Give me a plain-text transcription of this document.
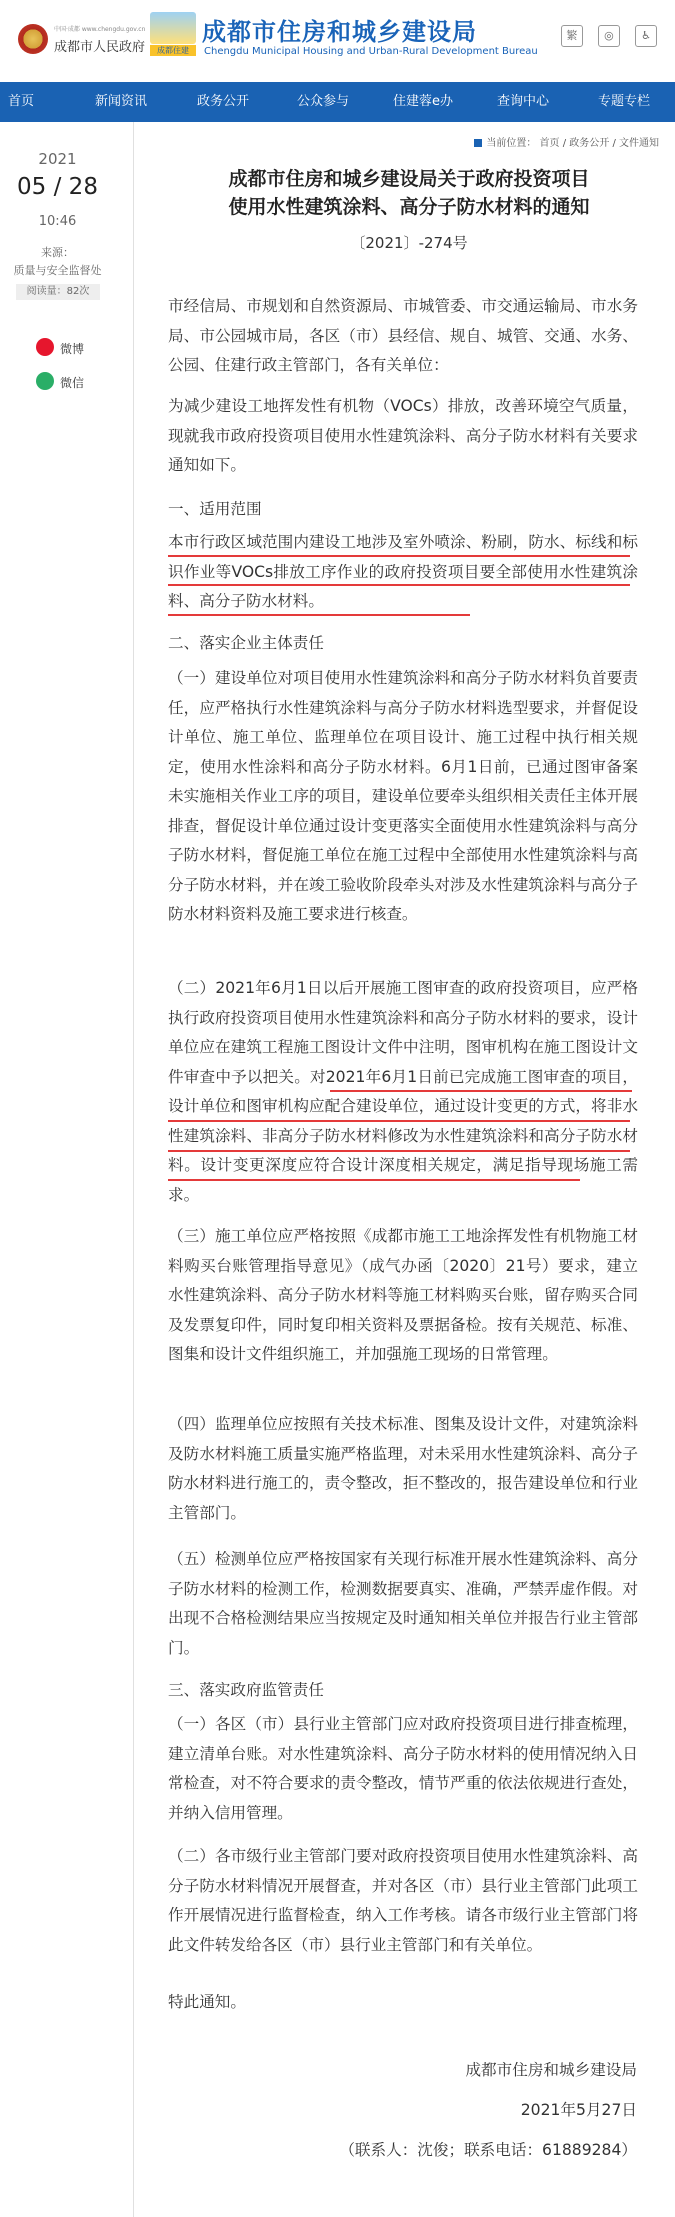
中国·成都 www.chengdu.gov.cn
成都市人民政府	成都住建
成都市住房和城乡建设局
Chengdu Municipal Housing and Urban-Rural Development Bureau
繁 ◎ ♿
首页	新闻资讯	政务公开	公众参与	住建蓉e办	查询中心	专题专栏
2021
05 / 28
10:46
来源：
质量与安全监督处
阅读量：82次
微博
微信
当前位置： 首页 / 政务公开 / 文件通知
成都市住房和城乡建设局关于政府投资项目
使用水性建筑涂料、高分子防水材料的通知
〔2021〕-274号

市经信局、市规划和自然资源局、市城管委、市交通运输局、市水务局、市公园城市局，各区（市）县经信、规自、城管、交通、水务、公园、住建行政主管部门，各有关单位：

为减少建设工地挥发性有机物（VOCs）排放，改善环境空气质量，现就我市政府投资项目使用水性建筑涂料、高分子防水材料有关要求通知如下。

一、适用范围

本市行政区域范围内建设工地涉及室外喷涂、粉刷，防水、标线和标识作业等VOCs排放工序作业的政府投资项目要全部使用水性建筑涂料、高分子防水材料。

二、落实企业主体责任

（一）建设单位对项目使用水性建筑涂料和高分子防水材料负首要责任，应严格执行水性建筑涂料与高分子防水材料选型要求，并督促设计单位、施工单位、监理单位在项目设计、施工过程中执行相关规定，使用水性涂料和高分子防水材料。6月1日前，已通过图审备案未实施相关作业工序的项目，建设单位要牵头组织相关责任主体开展排查，督促设计单位通过设计变更落实全面使用水性建筑涂料与高分子防水材料，督促施工单位在施工过程中全部使用水性建筑涂料与高分子防水材料，并在竣工验收阶段牵头对涉及水性建筑涂料与高分子防水材料资料及施工要求进行核查。

（二）2021年6月1日以后开展施工图审查的政府投资项目，应严格执行政府投资项目使用水性建筑涂料和高分子防水材料的要求，设计单位应在建筑工程施工图设计文件中注明，图审机构在施工图设计文件审查中予以把关。对2021年6月1日前已完成施工图审查的项目，设计单位和图审机构应配合建设单位，通过设计变更的方式，将非水性建筑涂料、非高分子防水材料修改为水性建筑涂料和高分子防水材料。设计变更深度应符合设计深度相关规定，满足指导现场施工需求。

（三）施工单位应严格按照《成都市施工工地涂挥发性有机物施工材料购买台账管理指导意见》（成气办函〔2020〕21号）要求，建立水性建筑涂料、高分子防水材料等施工材料购买台账，留存购买合同及发票复印件，同时复印相关资料及票据备检。按有关规范、标准、图集和设计文件组织施工，并加强施工现场的日常管理。

（四）监理单位应按照有关技术标准、图集及设计文件，对建筑涂料及防水材料施工质量实施严格监理，对未采用水性建筑涂料、高分子防水材料进行施工的，责令整改，拒不整改的，报告建设单位和行业主管部门。

（五）检测单位应严格按国家有关现行标准开展水性建筑涂料、高分子防水材料的检测工作，检测数据要真实、准确，严禁弄虚作假。对出现不合格检测结果应当按规定及时通知相关单位并报告行业主管部门。

三、落实政府监管责任

（一）各区（市）县行业主管部门应对政府投资项目进行排查梳理，建立清单台账。对水性建筑涂料、高分子防水材料的使用情况纳入日常检查，对不符合要求的责令整改，情节严重的依法依规进行查处，并纳入信用管理。

（二）各市级行业主管部门要对政府投资项目使用水性建筑涂料、高分子防水材料情况开展督查，并对各区（市）县行业主管部门此项工作开展情况进行监督检查，纳入工作考核。请各市级行业主管部门将此文件转发给各区（市）县行业主管部门和有关单位。

特此通知。
成都市住房和城乡建设局
2021年5月27日
（联系人：沈俊；联系电话：61889284）
